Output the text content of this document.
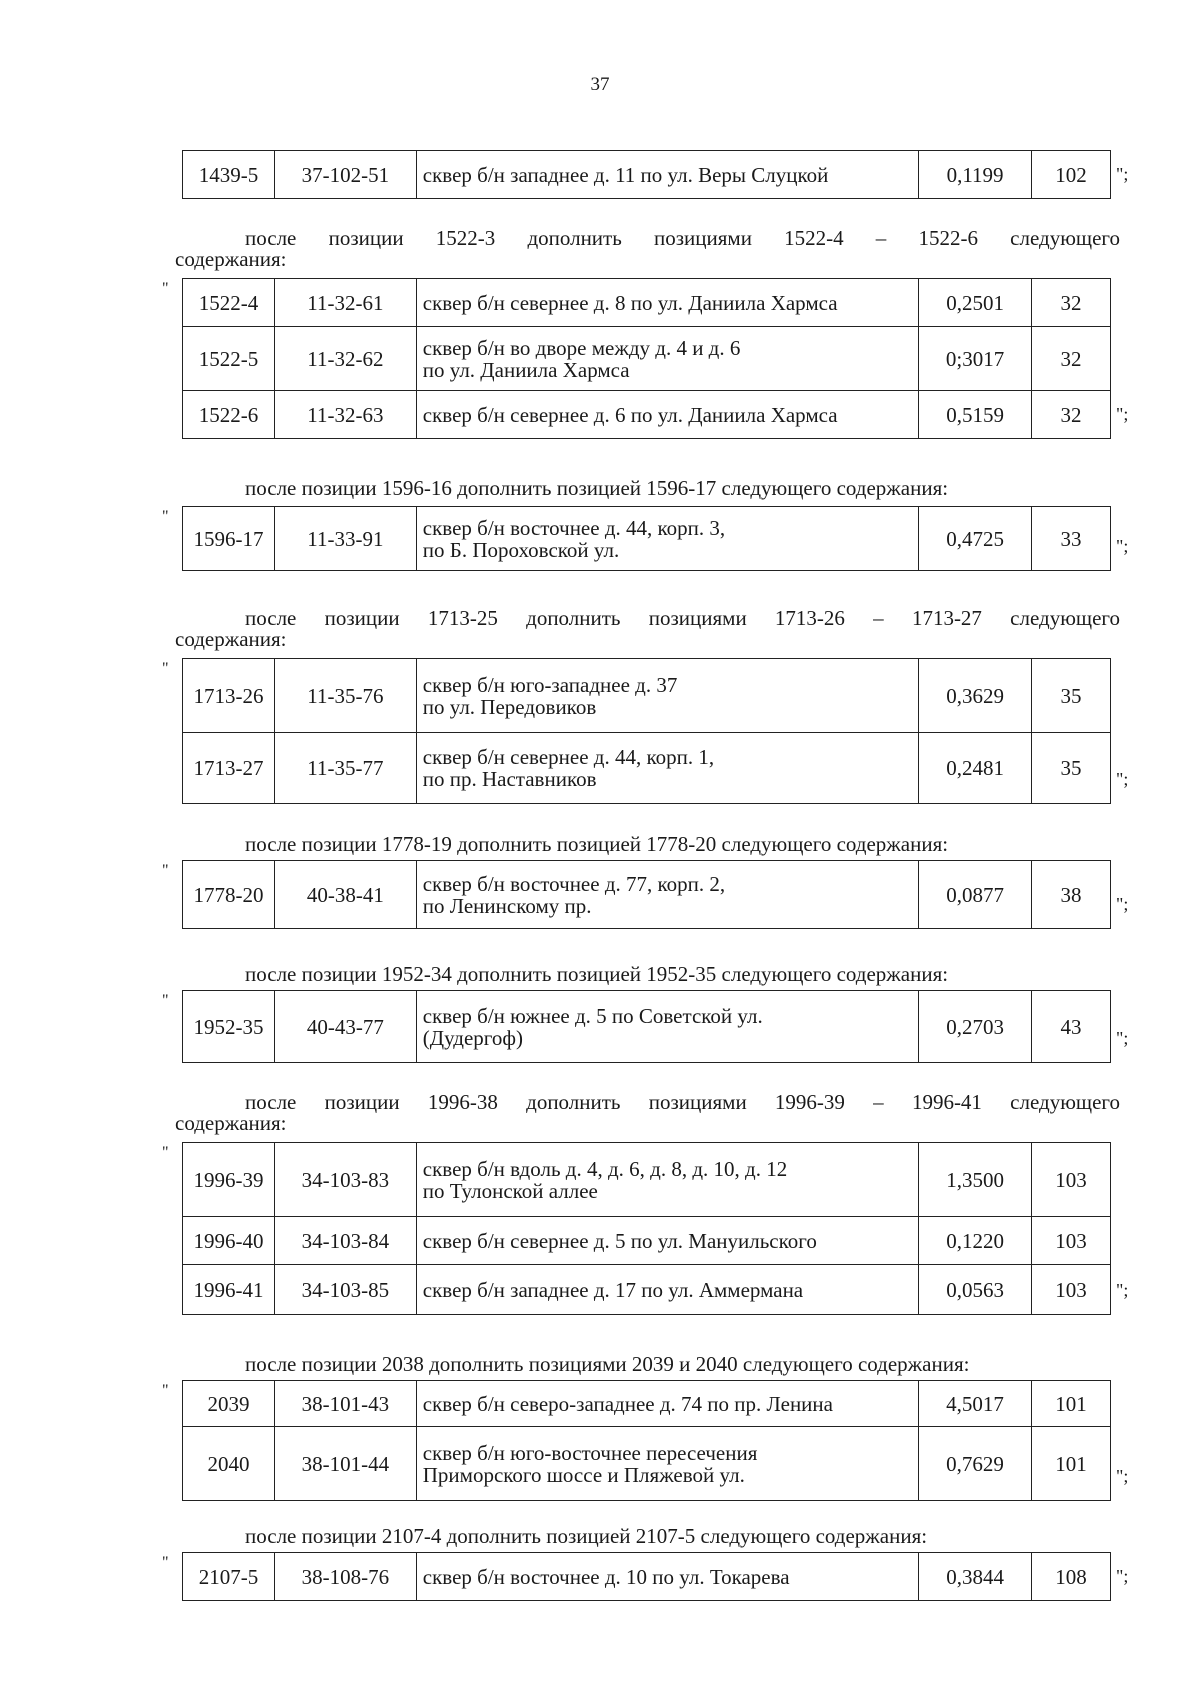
37
1439-5	37-102-51	сквер б/н западнее д. 11 по ул. Веры Слуцкой	0,1199	102 ";

после позиции 1522-3 дополнить позициями 1522-4 – 1522-6 следующего
содержания:

"
1522-4	11-32-61	сквер б/н севернее д. 8 по ул. Даниила Хармса	0,2501	32
1522-5	11-32-62	сквер б/н во дворе между д. 4 и д. 6
по ул. Даниила Хармса	0;3017	32
1522-6	11-32-63	сквер б/н севернее д. 6 по ул. Даниила Хармса	0,5159	32 ";

после позиции 1596-16 дополнить позицией 1596-17 следующего содержания:

"
1596-17	11-33-91	сквер б/н восточнее д. 44, корп. 3,
по Б. Пороховской ул.	0,4725	33 ";

после позиции 1713-25 дополнить позициями 1713-26 – 1713-27 следующего
содержания:

"
1713-26	11-35-76	сквер б/н юго-западнее д. 37
по ул. Передовиков	0,3629	35
1713-27	11-35-77	сквер б/н севернее д. 44, корп. 1,
по пр. Наставников	0,2481	35 ";

после позиции 1778-19 дополнить позицией 1778-20 следующего содержания:

"
1778-20	40-38-41	сквер б/н восточнее д. 77, корп. 2,
по Ленинскому пр.	0,0877	38 ";

после позиции 1952-34 дополнить позицией 1952-35 следующего содержания:

"
1952-35	40-43-77	сквер б/н южнее д. 5 по Советской ул.
(Дудергоф)	0,2703	43 ";

после позиции 1996-38 дополнить позициями 1996-39 – 1996-41 следующего
содержания:

"
1996-39	34-103-83	сквер б/н вдоль д. 4, д. 6, д. 8, д. 10, д. 12
по Тулонской аллее	1,3500	103
1996-40	34-103-84	сквер б/н севернее д. 5 по ул. Мануильского	0,1220	103
1996-41	34-103-85	сквер б/н западнее д. 17 по ул. Аммермана	0,0563	103 ";

после позиции 2038 дополнить позициями 2039 и 2040 следующего содержания:

"
2039	38-101-43	сквер б/н северо-западнее д. 74 по пр. Ленина	4,5017	101
2040	38-101-44	сквер б/н юго-восточнее пересечения
Приморского шоссе и Пляжевой ул.	0,7629	101
";

после позиции 2107-4 дополнить позицией 2107-5 следующего содержания:

"
2107-5	38-108-76	сквер б/н восточнее д. 10 по ул. Токарева	0,3844	108 ";
